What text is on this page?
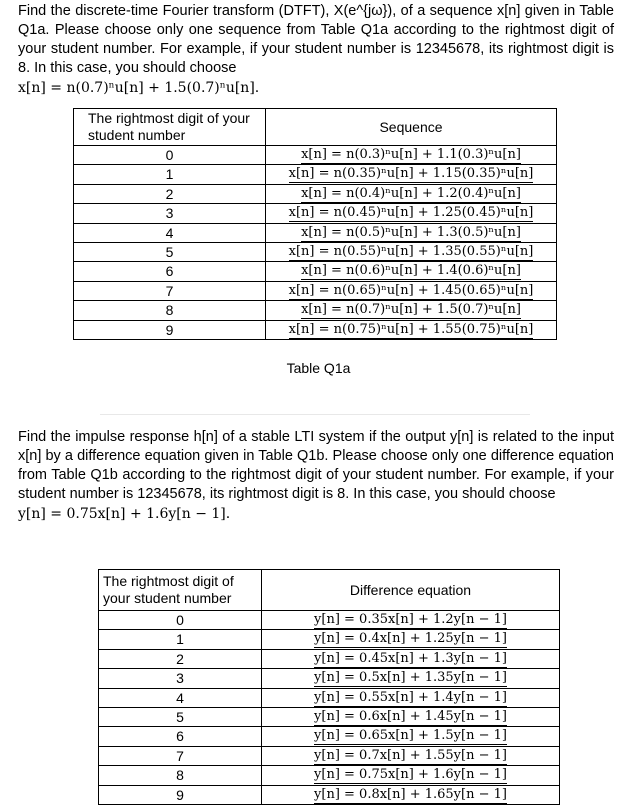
Find the discrete-time Fourier transform (DTFT), X(e^{jω}), of a sequence x[n] given in Table Q1a. Please choose only one sequence from Table Q1a according to the rightmost digit of your student number. For example, if your student number is 12345678, its rightmost digit is 8. In this case, you should choose

x[n] = n(0.7)ⁿu[n] + 1.5(0.7)ⁿu[n].
The rightmost digit of your student number	Sequence
0	x[n] = n(0.3)ⁿu[n] + 1.1(0.3)ⁿu[n]
1	x[n] = n(0.35)ⁿu[n] + 1.15(0.35)ⁿu[n]
2	x[n] = n(0.4)ⁿu[n] + 1.2(0.4)ⁿu[n]
3	x[n] = n(0.45)ⁿu[n] + 1.25(0.45)ⁿu[n]
4	x[n] = n(0.5)ⁿu[n] + 1.3(0.5)ⁿu[n]
5	x[n] = n(0.55)ⁿu[n] + 1.35(0.55)ⁿu[n]
6	x[n] = n(0.6)ⁿu[n] + 1.4(0.6)ⁿu[n]
7	x[n] = n(0.65)ⁿu[n] + 1.45(0.65)ⁿu[n]
8	x[n] = n(0.7)ⁿu[n] + 1.5(0.7)ⁿu[n]
9	x[n] = n(0.75)ⁿu[n] + 1.55(0.75)ⁿu[n]
Table Q1a

Find the impulse response h[n] of a stable LTI system if the output y[n] is related to the input x[n] by a difference equation given in Table Q1b. Please choose only one difference equation from Table Q1b according to the rightmost digit of your student number. For example, if your student number is 12345678, its rightmost digit is 8. In this case, you should choose

y[n] = 0.75x[n] + 1.6y[n − 1].
The rightmost digit of your student number	Difference equation
0	y[n] = 0.35x[n] + 1.2y[n − 1]
1	y[n] = 0.4x[n] + 1.25y[n − 1]
2	y[n] = 0.45x[n] + 1.3y[n − 1]
3	y[n] = 0.5x[n] + 1.35y[n − 1]
4	y[n] = 0.55x[n] + 1.4y[n − 1]
5	y[n] = 0.6x[n] + 1.45y[n − 1]
6	y[n] = 0.65x[n] + 1.5y[n − 1]
7	y[n] = 0.7x[n] + 1.55y[n − 1]
8	y[n] = 0.75x[n] + 1.6y[n − 1]
9	y[n] = 0.8x[n] + 1.65y[n − 1]
